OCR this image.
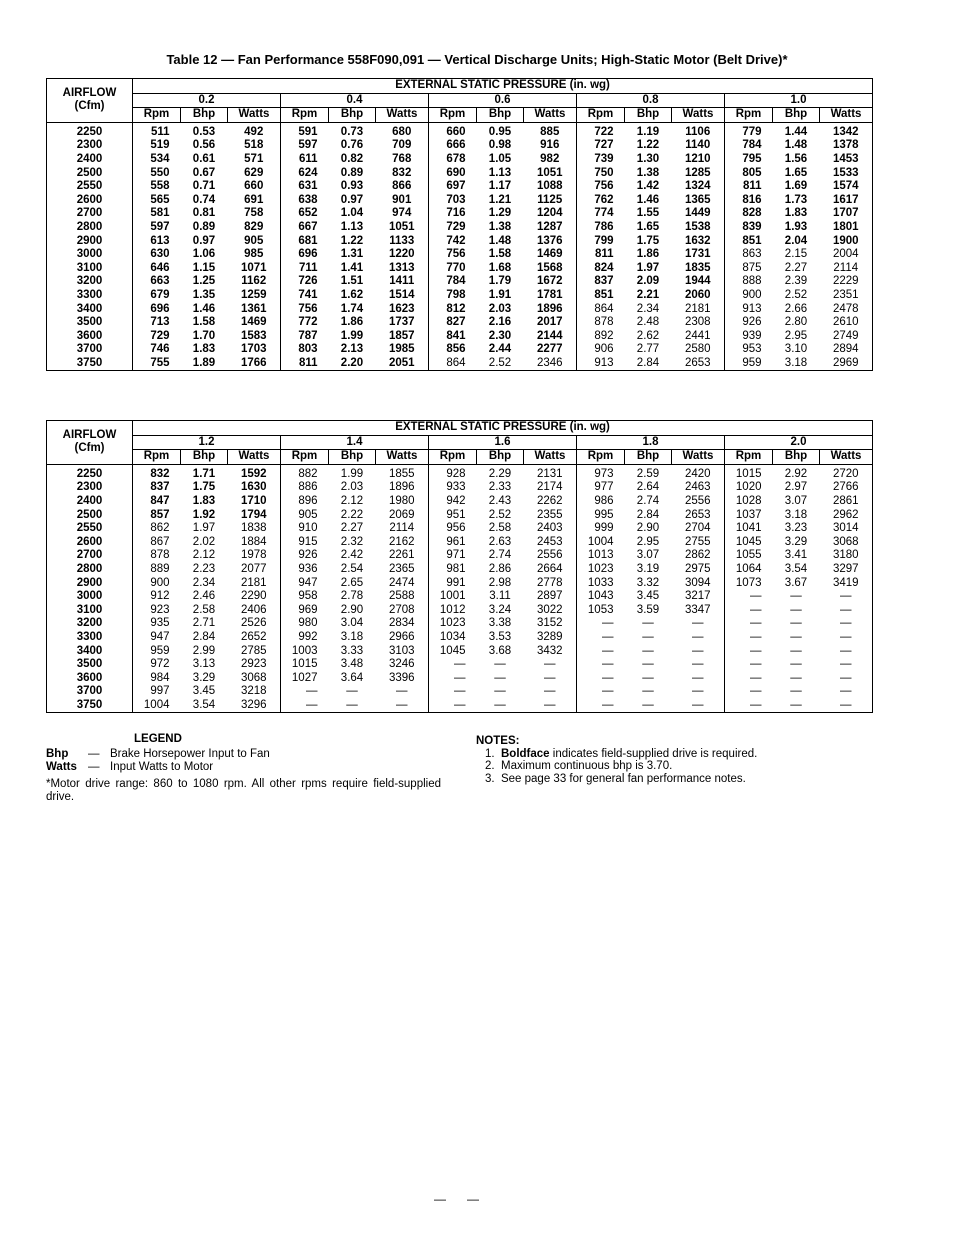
Table 12 — Fan Performance 558F090,091 — Vertical Discharge Units; High-Static Motor (Belt Drive)*
AIRFLOW
(Cfm)	EXTERNAL STATIC PRESSURE (in. wg)														
	0.2			0.4			0.6			0.8			1.0		
	Rpm	Bhp	Watts	Rpm	Bhp	Watts	Rpm	Bhp	Watts	Rpm	Bhp	Watts	Rpm	Bhp	Watts
2250	511	0.53	492	591	0.73	680	660	0.95	885	722	1.19	1106	779	1.44	1342
2300	519	0.56	518	597	0.76	709	666	0.98	916	727	1.22	1140	784	1.48	1378
2400	534	0.61	571	611	0.82	768	678	1.05	982	739	1.30	1210	795	1.56	1453
2500	550	0.67	629	624	0.89	832	690	1.13	1051	750	1.38	1285	805	1.65	1533
2550	558	0.71	660	631	0.93	866	697	1.17	1088	756	1.42	1324	811	1.69	1574
2600	565	0.74	691	638	0.97	901	703	1.21	1125	762	1.46	1365	816	1.73	1617
2700	581	0.81	758	652	1.04	974	716	1.29	1204	774	1.55	1449	828	1.83	1707
2800	597	0.89	829	667	1.13	1051	729	1.38	1287	786	1.65	1538	839	1.93	1801
2900	613	0.97	905	681	1.22	1133	742	1.48	1376	799	1.75	1632	851	2.04	1900
3000	630	1.06	985	696	1.31	1220	756	1.58	1469	811	1.86	1731	863	2.15	2004
3100	646	1.15	1071	711	1.41	1313	770	1.68	1568	824	1.97	1835	875	2.27	2114
3200	663	1.25	1162	726	1.51	1411	784	1.79	1672	837	2.09	1944	888	2.39	2229
3300	679	1.35	1259	741	1.62	1514	798	1.91	1781	851	2.21	2060	900	2.52	2351
3400	696	1.46	1361	756	1.74	1623	812	2.03	1896	864	2.34	2181	913	2.66	2478
3500	713	1.58	1469	772	1.86	1737	827	2.16	2017	878	2.48	2308	926	2.80	2610
3600	729	1.70	1583	787	1.99	1857	841	2.30	2144	892	2.62	2441	939	2.95	2749
3700	746	1.83	1703	803	2.13	1985	856	2.44	2277	906	2.77	2580	953	3.10	2894
3750	755	1.89	1766	811	2.20	2051	864	2.52	2346	913	2.84	2653	959	3.18	2969
AIRFLOW
(Cfm)	EXTERNAL STATIC PRESSURE (in. wg)														
	1.2			1.4			1.6			1.8			2.0		
	Rpm	Bhp	Watts	Rpm	Bhp	Watts	Rpm	Bhp	Watts	Rpm	Bhp	Watts	Rpm	Bhp	Watts
2250	832	1.71	1592	882	1.99	1855	928	2.29	2131	973	2.59	2420	1015	2.92	2720
2300	837	1.75	1630	886	2.03	1896	933	2.33	2174	977	2.64	2463	1020	2.97	2766
2400	847	1.83	1710	896	2.12	1980	942	2.43	2262	986	2.74	2556	1028	3.07	2861
2500	857	1.92	1794	905	2.22	2069	951	2.52	2355	995	2.84	2653	1037	3.18	2962
2550	862	1.97	1838	910	2.27	2114	956	2.58	2403	999	2.90	2704	1041	3.23	3014
2600	867	2.02	1884	915	2.32	2162	961	2.63	2453	1004	2.95	2755	1045	3.29	3068
2700	878	2.12	1978	926	2.42	2261	971	2.74	2556	1013	3.07	2862	1055	3.41	3180
2800	889	2.23	2077	936	2.54	2365	981	2.86	2664	1023	3.19	2975	1064	3.54	3297
2900	900	2.34	2181	947	2.65	2474	991	2.98	2778	1033	3.32	3094	1073	3.67	3419
3000	912	2.46	2290	958	2.78	2588	1001	3.11	2897	1043	3.45	3217	—	—	—
3100	923	2.58	2406	969	2.90	2708	1012	3.24	3022	1053	3.59	3347	—	—	—
3200	935	2.71	2526	980	3.04	2834	1023	3.38	3152	—	—	—	—	—	—
3300	947	2.84	2652	992	3.18	2966	1034	3.53	3289	—	—	—	—	—	—
3400	959	2.99	2785	1003	3.33	3103	1045	3.68	3432	—	—	—	—	—	—
3500	972	3.13	2923	1015	3.48	3246	—	—	—	—	—	—	—	—	—
3600	984	3.29	3068	1027	3.64	3396	—	—	—	—	—	—	—	—	—
3700	997	3.45	3218	—	—	—	—	—	—	—	—	—	—	—	—
3750	1004	3.54	3296	—	—	—	—	—	—	—	—	—	—	—	—
LEGEND
Bhp	— Brake Horsepower Input to Fan
Watts — Input Watts to Motor
*Motor drive range: 860 to 1080 rpm. All other rpms require field-supplied drive.
NOTES:
1. Boldface indicates field-supplied drive is required.
2. Maximum continuous bhp is 3.70.
3. See page 33 for general fan performance notes.
— —
